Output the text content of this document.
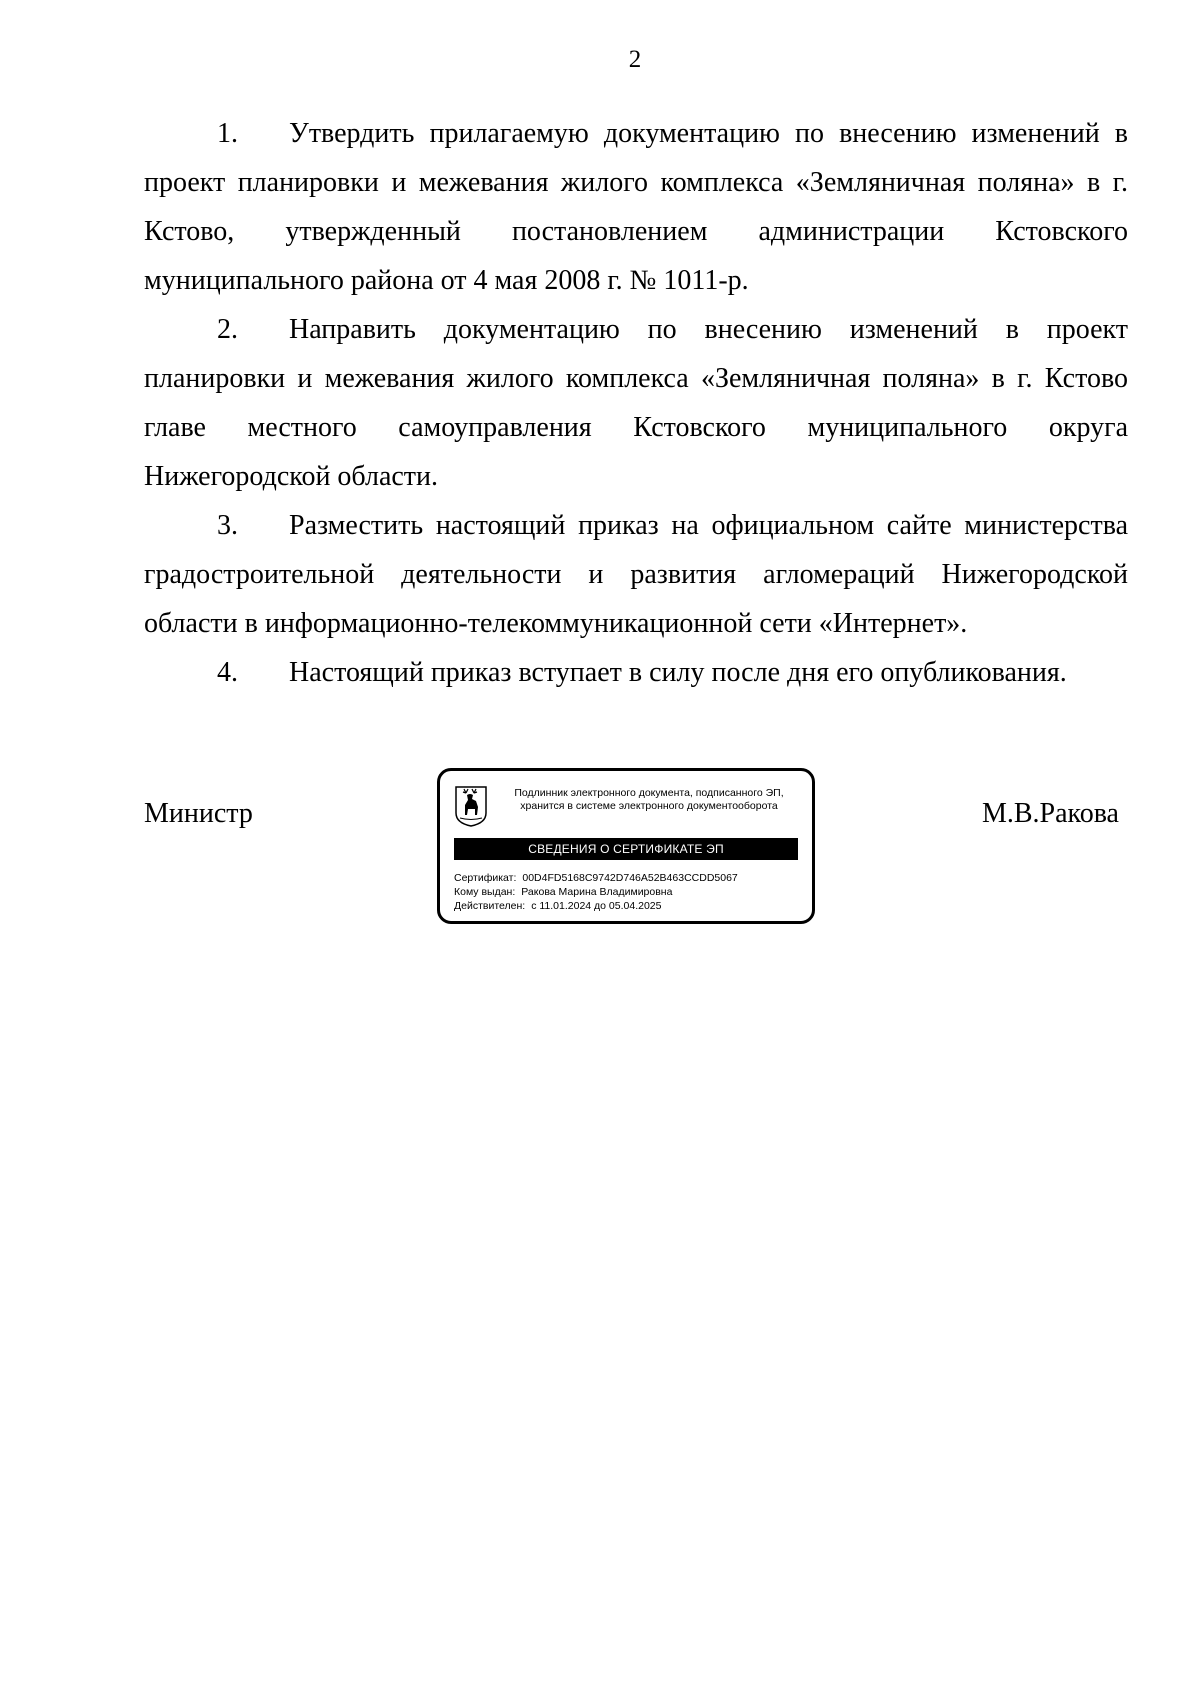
2

1. Утвердить прилагаемую документацию по внесению изменений в проект планировки и межевания жилого комплекса «Земляничная поляна» в г. Кстово, утвержденный постановлением администрации Кстовского муниципального района от 4 мая 2008 г. № 1011-р.

2. Направить документацию по внесению изменений в проект планировки и межевания жилого комплекса «Земляничная поляна» в г. Кстово главе местного самоуправления Кстовского муниципального округа Нижегородской области.

3. Разместить настоящий приказ на официальном сайте министерства градостроительной деятельности и развития агломераций Нижегородской области в информационно-телекоммуникационной сети «Интернет».

4. Настоящий приказ вступает в силу после дня его опубликования.

Министр	М.В.Ракова
Подлинник электронного документа, подписанного ЭП,
хранится в системе электронного документооборота
СВЕДЕНИЯ О СЕРТИФИКАТЕ ЭП
Сертификат: 00D4FD5168C9742D746A52B463CCDD5067
Кому выдан: Ракова Марина Владимировна
Действителен: с 11.01.2024 до 05.04.2025
